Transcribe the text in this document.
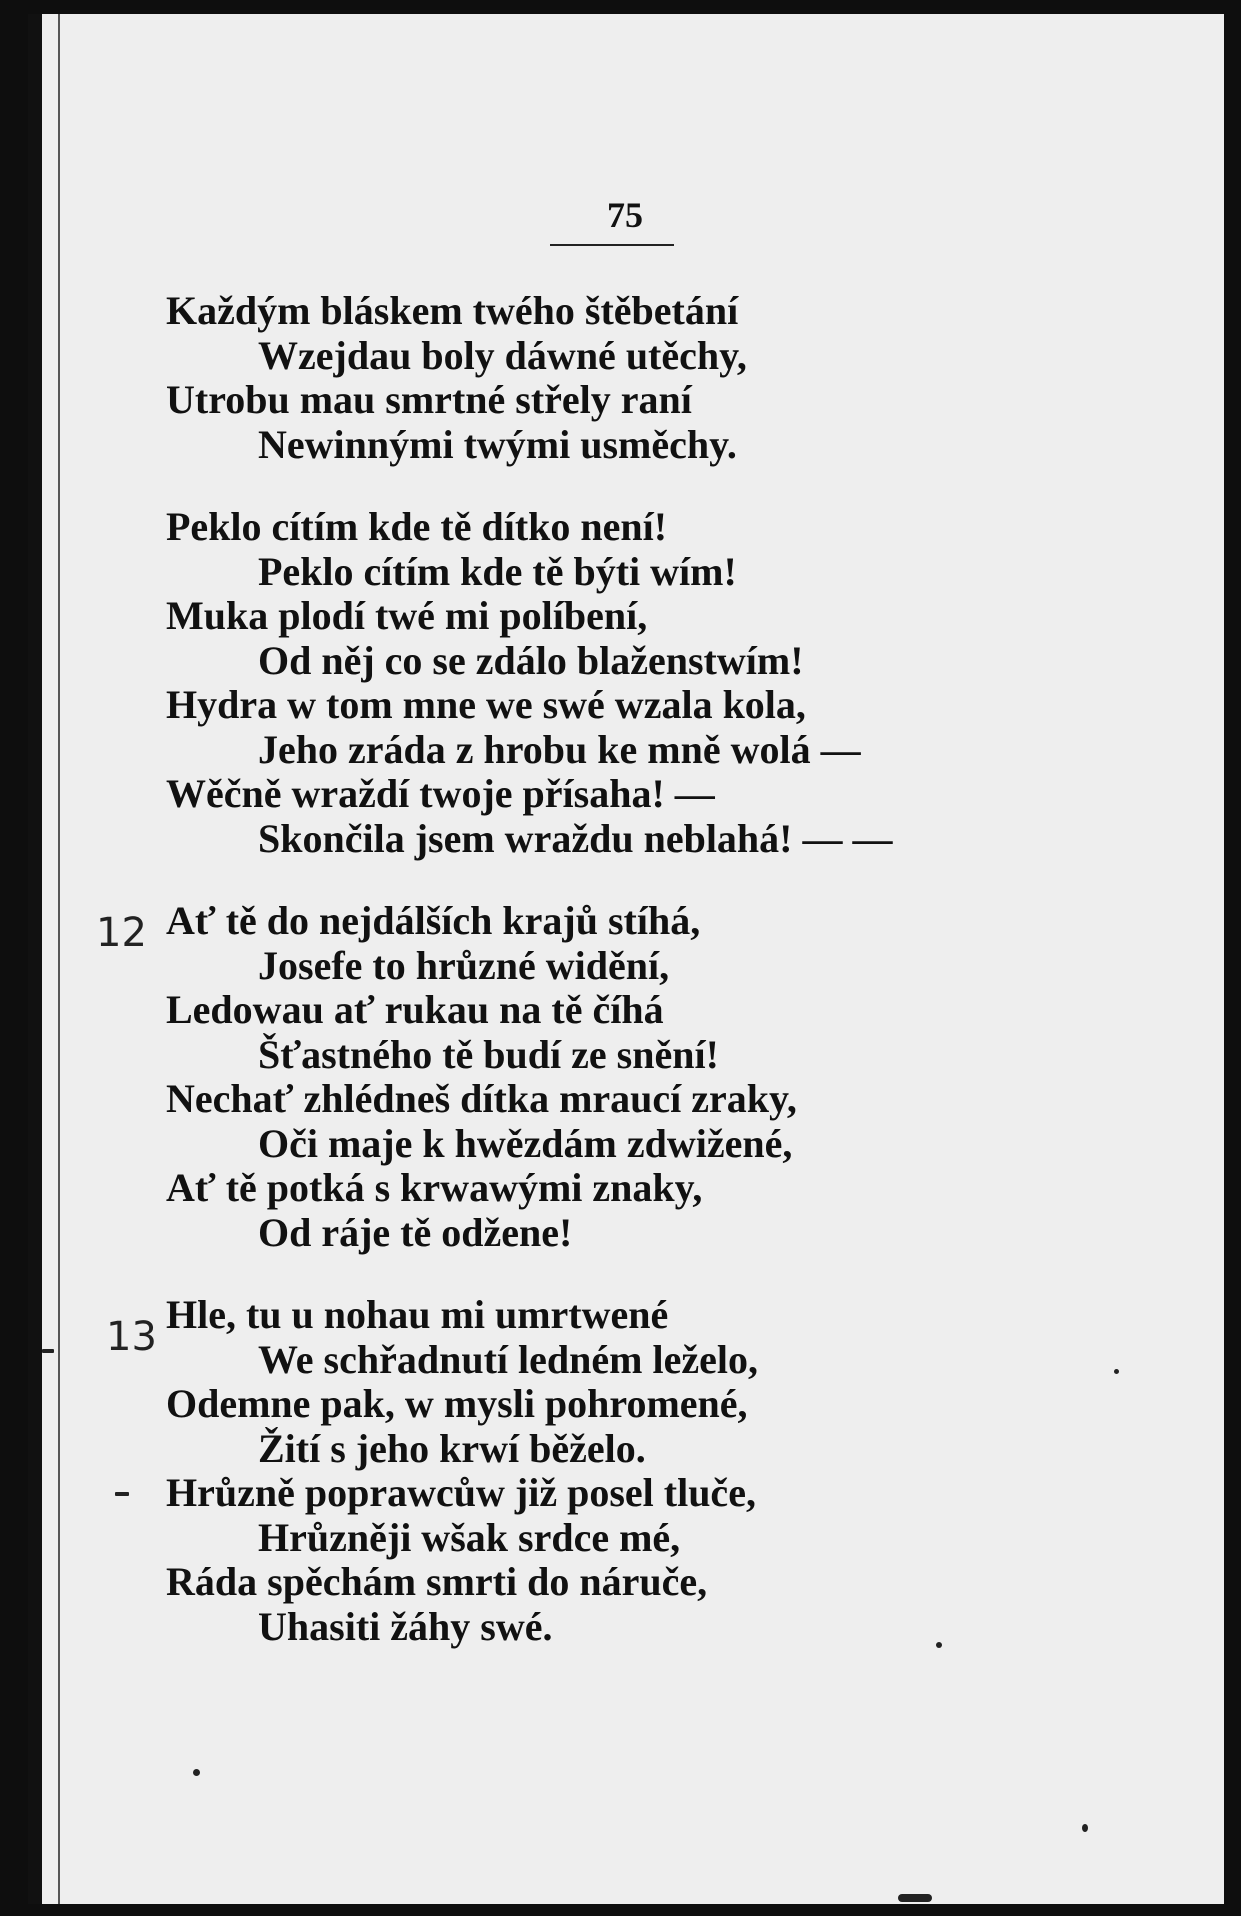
75
Každým bláskem twého štěbetání
Wzejdau boly dáwné utěchy,
Utrobu mau smrtné střely raní
Newinnými twými usměchy.
Peklo cítím kde tě dítko není!
Peklo cítím kde tě býti wím!
Muka plodí twé mi políbení,
Od něj co se zdálo blaženstwím!
Hydra w tom mne we swé wzala kola,
Jeho zráda z hrobu ke mně wolá —
Wěčně wraždí twoje přísaha! —
Skončila jsem wraždu neblahá! — —
Ať tě do nejdálších krajů stíhá,
Josefe to hrůzné widění,
Ledowau ať rukau na tě číhá
Šťastného tě budí ze snění!
Nechať zhlédneš dítka mraucí zraky,
Oči maje k hwězdám zdwižené,
Ať tě potká s krwawými znaky,
Od ráje tě odžene!
Hle, tu u nohau mi umrtwené
We schřadnutí ledném leželo,
Odemne pak, w mysli pohromené,
Žití s jeho krwí běželo.
Hrůzně poprawcůw již posel tluče,
Hrůzněji wšak srdce mé,
Ráda spěchám smrti do náruče,
Uhasiti žáhy swé.
12
13
